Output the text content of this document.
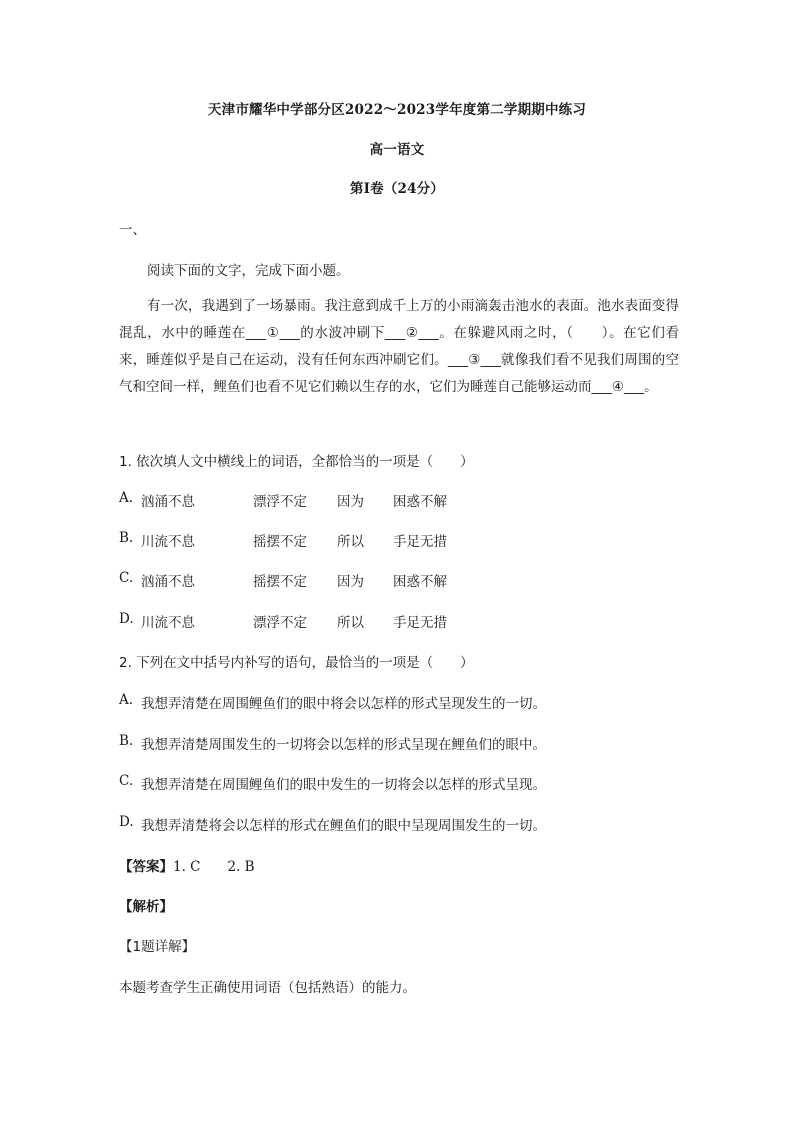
天津市耀华中学部分区2022～2023学年度第二学期期中练习
高一语文
第Ⅰ卷（24分）
一、
阅读下面的文字，完成下面小题。
有一次，我遇到了一场暴雨。我注意到成千上万的小雨滴轰击池水的表面。池水表面变得混乱，水中的睡莲在___①___的水波冲刷下___②___。在躲避风雨之时，（　　）。在它们看来，睡莲似乎是自己在运动，没有任何东西冲刷它们。___③___就像我们看不见我们周围的空气和空间一样，鲤鱼们也看不见它们赖以生存的水，它们为睡莲自己能够运动而___④___。
1. 依次填人文中横线上的词语，全都恰当的一项是（　　）
A. 汹涌不息	漂浮不定 因为 困惑不解
B. 川流不息	摇摆不定 所以 手足无措
C. 汹涌不息	摇摆不定 因为 困惑不解
D. 川流不息	漂浮不定 所以 手足无措
2. 下列在文中括号内补写的语句，最恰当的一项是（　　）
A. 我想弄清楚在周围鲤鱼们的眼中将会以怎样的形式呈现发生的一切。
B. 我想弄清楚周围发生的一切将会以怎样的形式呈现在鲤鱼们的眼中。
C. 我想弄清楚在周围鲤鱼们的眼中发生的一切将会以怎样的形式呈现。
D. 我想弄清楚将会以怎样的形式在鲤鱼们的眼中呈现周围发生的一切。
【答案】1. C　　2. B
【解析】
【1题详解】
本题考查学生正确使用词语（包括熟语）的能力。
